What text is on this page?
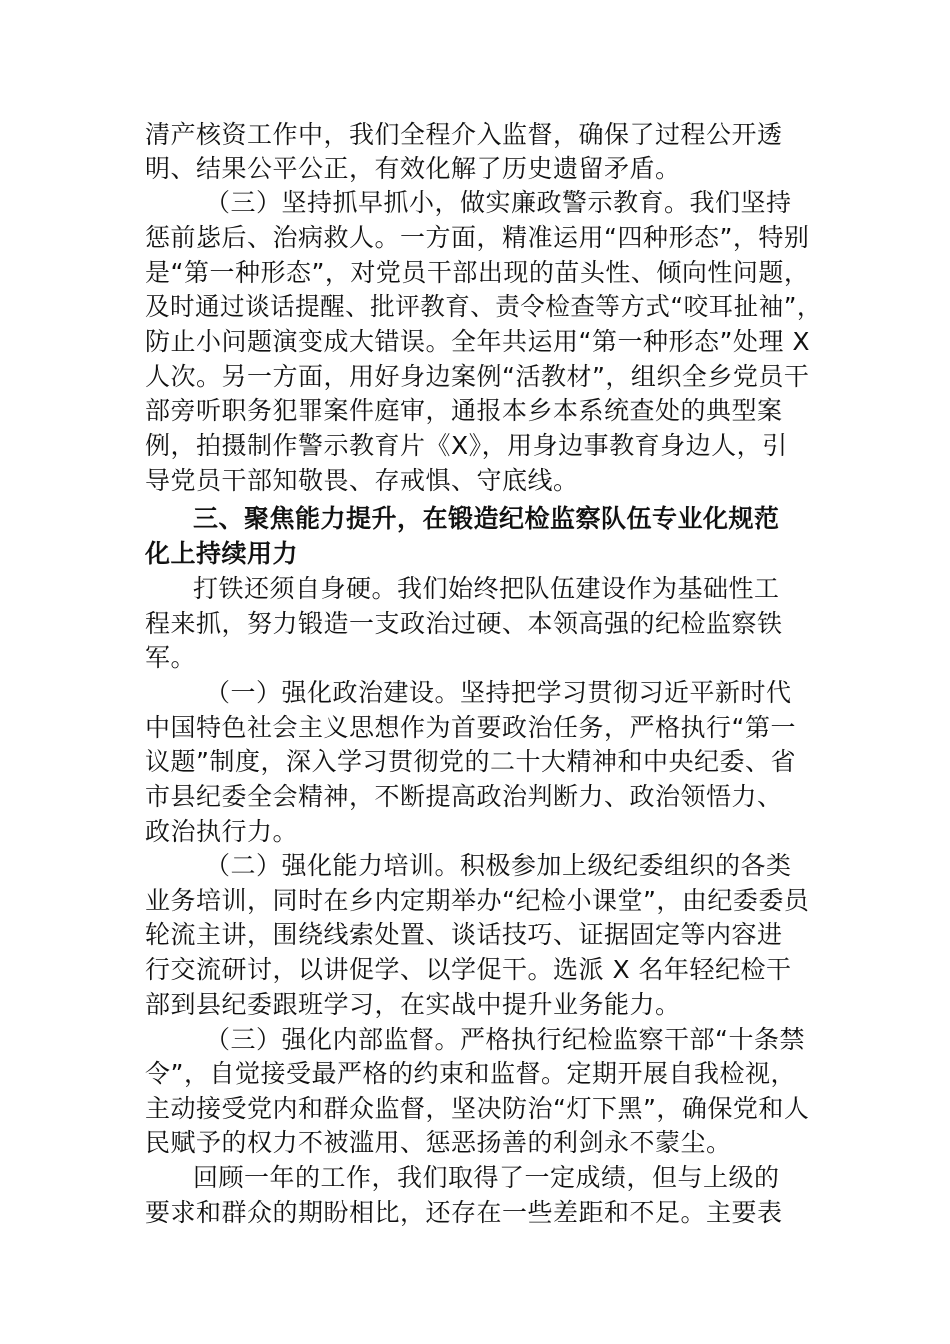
清产核资工作中，我们全程介入监督，确保了过程公开透
明、结果公平公正，有效化解了历史遗留矛盾。
（三）坚持抓早抓小，做实廉政警示教育。我们坚持
惩前毖后、治病救人。一方面，精准运用“四种形态”，特别
是“第一种形态”，对党员干部出现的苗头性、倾向性问题，
及时通过谈话提醒、批评教育、责令检查等方式“咬耳扯袖”，
防止小问题演变成大错误。全年共运用“第一种形态”处理 X
人次。另一方面，用好身边案例“活教材”，组织全乡党员干
部旁听职务犯罪案件庭审，通报本乡本系统查处的典型案
例，拍摄制作警示教育片《X》，用身边事教育身边人，引
导党员干部知敬畏、存戒惧、守底线。
三、聚焦能力提升，在锻造纪检监察队伍专业化规范
化上持续用力
打铁还须自身硬。我们始终把队伍建设作为基础性工
程来抓，努力锻造一支政治过硬、本领高强的纪检监察铁
军。
（一）强化政治建设。坚持把学习贯彻习近平新时代
中国特色社会主义思想作为首要政治任务，严格执行“第一
议题”制度，深入学习贯彻党的二十大精神和中央纪委、省
市县纪委全会精神，不断提高政治判断力、政治领悟力、
政治执行力。
（二）强化能力培训。积极参加上级纪委组织的各类
业务培训，同时在乡内定期举办“纪检小课堂”，由纪委委员
轮流主讲，围绕线索处置、谈话技巧、证据固定等内容进
行交流研讨，以讲促学、以学促干。选派 X 名年轻纪检干
部到县纪委跟班学习，在实战中提升业务能力。
（三）强化内部监督。严格执行纪检监察干部“十条禁
令”，自觉接受最严格的约束和监督。定期开展自我检视，
主动接受党内和群众监督，坚决防治“灯下黑”，确保党和人
民赋予的权力不被滥用、惩恶扬善的利剑永不蒙尘。
回顾一年的工作，我们取得了一定成绩，但与上级的
要求和群众的期盼相比，还存在一些差距和不足。主要表
